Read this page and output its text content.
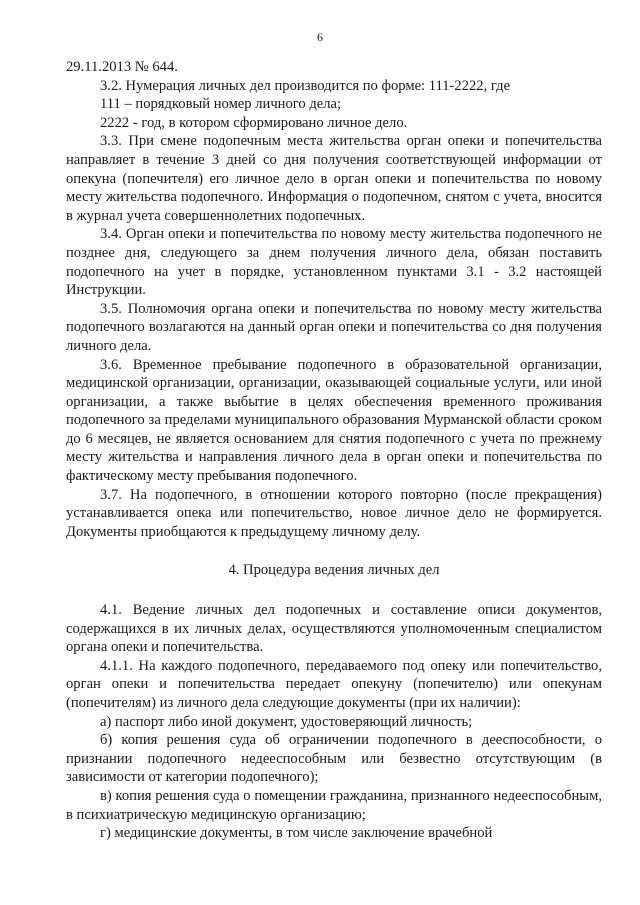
6

29.11.2013 № 644.

3.2. Нумерация личных дел производится по форме: 111-2222, где

111 – порядковый номер личного дела;

2222 - год, в котором сформировано личное дело.

3.3. При смене подопечным места жительства орган опеки и попечительства направляет в течение 3 дней со дня получения соответствующей информации от опекуна (попечителя) его личное дело в орган опеки и попечительства по новому месту жительства подопечного. Информация о подопечном, снятом с учета, вносится в журнал учета совершеннолетних подопечных.

3.4. Орган опеки и попечительства по новому месту жительства подопечного не позднее дня, следующего за днем получения личного дела, обязан поставить подопечного на учет в порядке, установленном пунктами 3.1 - 3.2 настоящей Инструкции.

3.5. Полномочия органа опеки и попечительства по новому месту жительства подопечного возлагаются на данный орган опеки и попечительства со дня получения личного дела.

3.6. Временное пребывание подопечного в образовательной организации, медицинской организации, организации, оказывающей социальные услуги, или иной организации, а также выбытие в целях обеспечения временного проживания подопечного за пределами муниципального образования Мурманской области сроком до 6 месяцев, не является основанием для снятия подопечного с учета по прежнему месту жительства и направления личного дела в орган опеки и попечительства по фактическому месту пребывания подопечного.

3.7. На подопечного, в отношении которого повторно (после прекращения) устанавливается опека или попечительство, новое личное дело не формируется. Документы приобщаются к предыдущему личному делу.

4. Процедура ведения личных дел

4.1. Ведение личных дел подопечных и составление описи документов, содержащихся в их личных делах, осуществляются уполномоченным специалистом органа опеки и попечительства.

4.1.1. На каждого подопечного, передаваемого под опеку или попечительство, орган опеки и попечительства передает опекуну (попечителю) или опекунам (попечителям) из личного дела следующие документы (при их наличии):

а) паспорт либо иной документ, удостоверяющий личность;

б) копия решения суда об ограничении подопечного в дееспособности, о признании подопечного недееспособным или безвестно отсутствующим (в зависимости от категории подопечного);

в) копия решения суда о помещении гражданина, признанного недееспособным, в психиатрическую медицинскую организацию;

г) медицинские документы, в том числе заключение врачебной
